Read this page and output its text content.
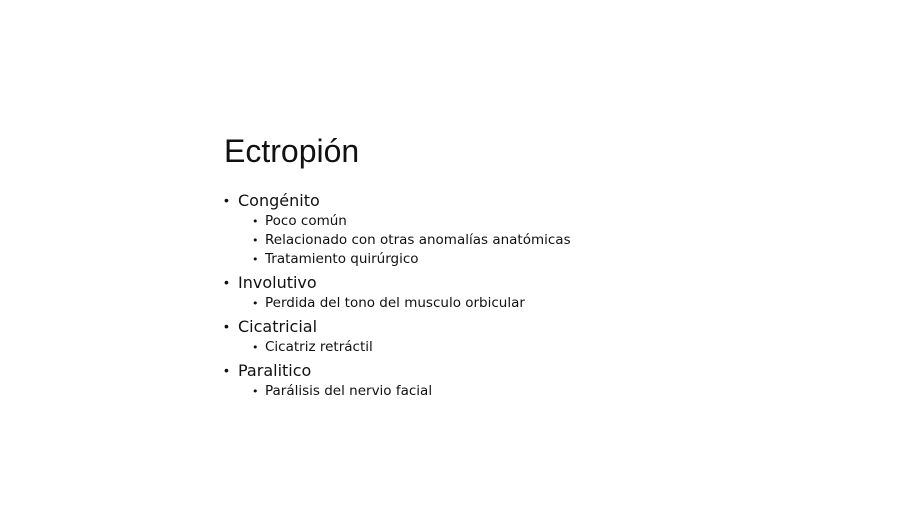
Ectropión
• Congénito
• Poco común
• Relacionado con otras anomalías anatómicas
• Tratamiento quirúrgico
• Involutivo
• Perdida del tono del musculo orbicular
• Cicatricial
• Cicatriz retráctil
• Paralitico
• Parálisis del nervio facial
